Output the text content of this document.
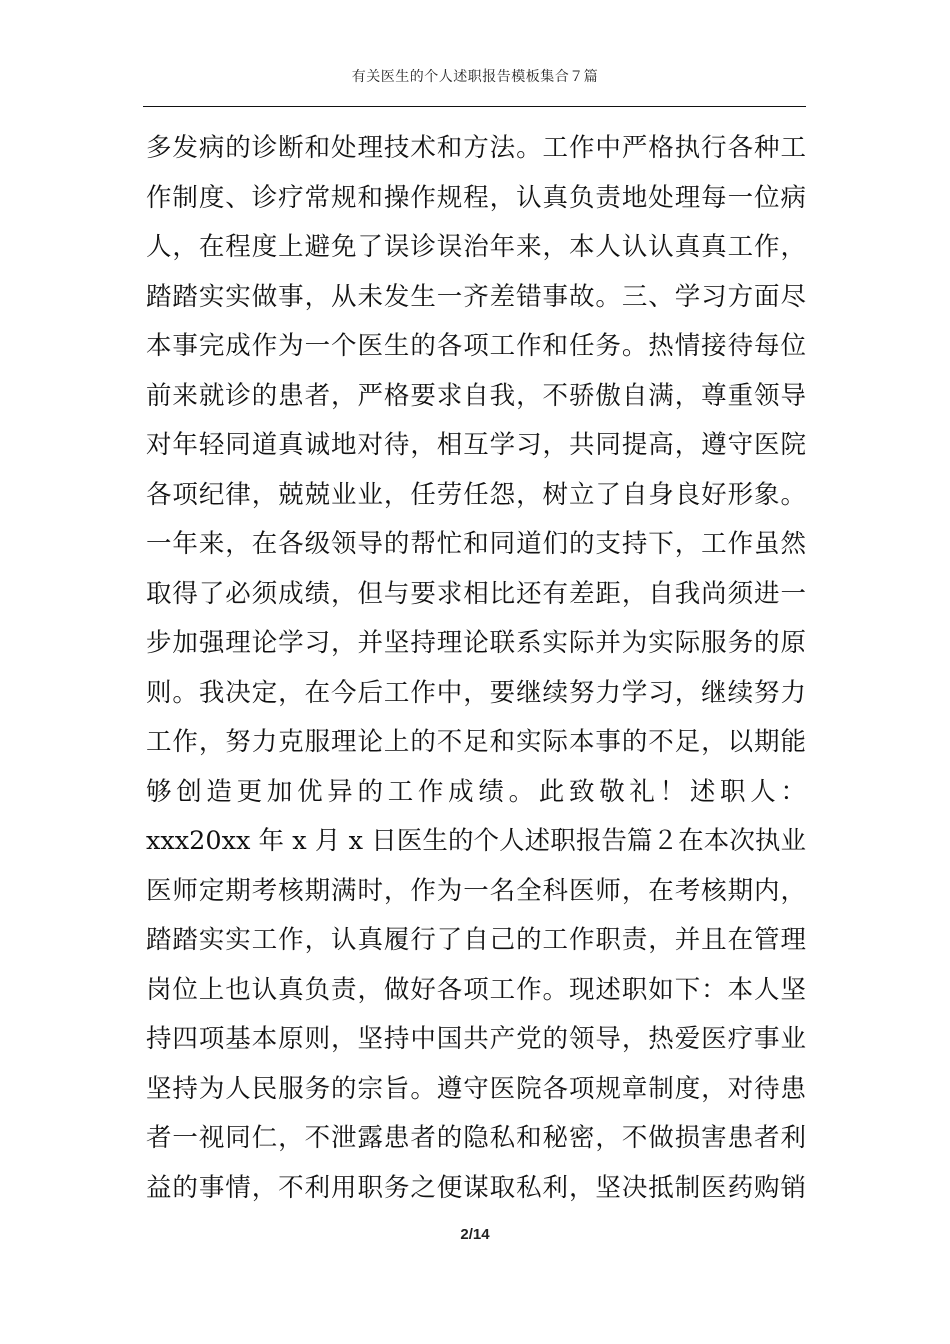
有关医生的个人述职报告模板集合７篇
多发病的诊断和处理技术和方法。工作中严格执行各种工
作制度、诊疗常规和操作规程，认真负责地处理每一位病
人，在程度上避免了误诊误治年来，本人认认真真工作，
踏踏实实做事，从未发生一齐差错事故。三、学习方面尽
本事完成作为一个医生的各项工作和任务。热情接待每位
前来就诊的患者，严格要求自我，不骄傲自满，尊重领导
对年轻同道真诚地对待，相互学习，共同提高，遵守医院
各项纪律，兢兢业业，任劳任怨，树立了自身良好形象。
一年来，在各级领导的帮忙和同道们的支持下，工作虽然
取得了必须成绩，但与要求相比还有差距，自我尚须进一
步加强理论学习，并坚持理论联系实际并为实际服务的原
则。我决定，在今后工作中，要继续努力学习，继续努力
工作，努力克服理论上的不足和实际本事的不足，以期能
够创造更加优异的工作成绩。此致敬礼！述职人：
xxx20xx 年 x 月 x 日医生的个人述职报告篇２在本次执业
医师定期考核期满时，作为一名全科医师，在考核期内，
踏踏实实工作，认真履行了自己的工作职责，并且在管理
岗位上也认真负责，做好各项工作。现述职如下：本人坚
持四项基本原则，坚持中国共产党的领导，热爱医疗事业
坚持为人民服务的宗旨。遵守医院各项规章制度，对待患
者一视同仁，不泄露患者的隐私和秘密，不做损害患者利
益的事情，不利用职务之便谋取私利，坚决抵制医药购销
2/14
